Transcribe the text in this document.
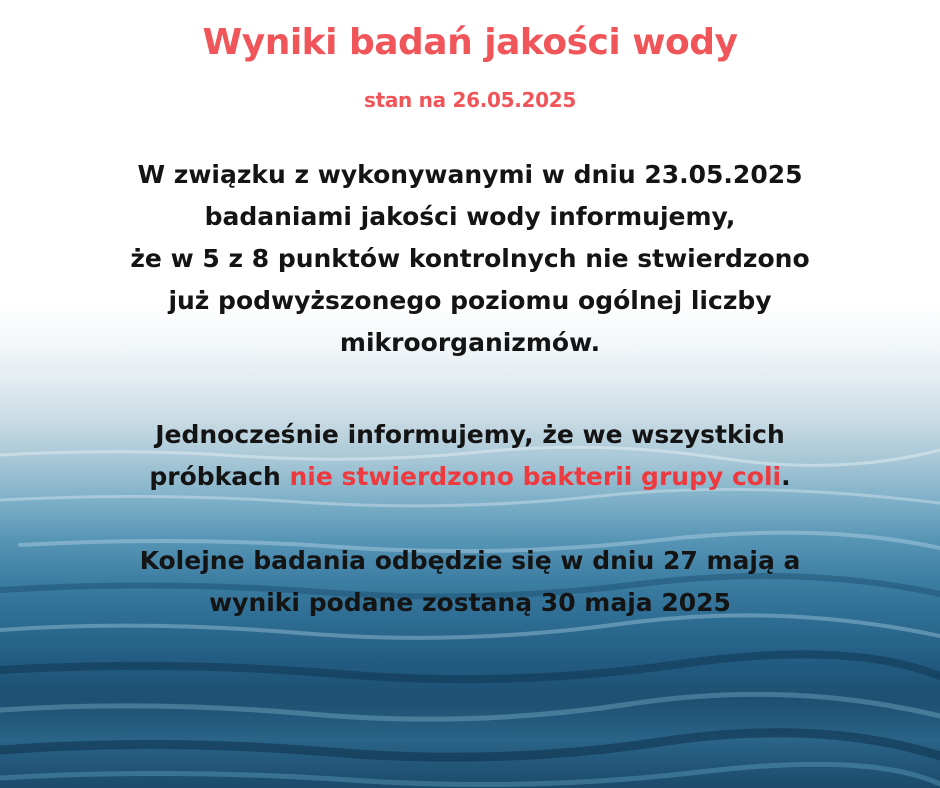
Wyniki badań jakości wody
stan na 26.05.2025
W związku z wykonywanymi w dniu 23.05.2025
badaniami jakości wody informujemy,
że w 5 z 8 punktów kontrolnych nie stwierdzono
już podwyższonego poziomu ogólnej liczby
mikroorganizmów.
Jednocześnie informujemy, że we wszystkich
próbkach nie stwierdzono bakterii grupy coli.
Kolejne badania odbędzie się w dniu 27 mają a
wyniki podane zostaną 30 maja 2025
